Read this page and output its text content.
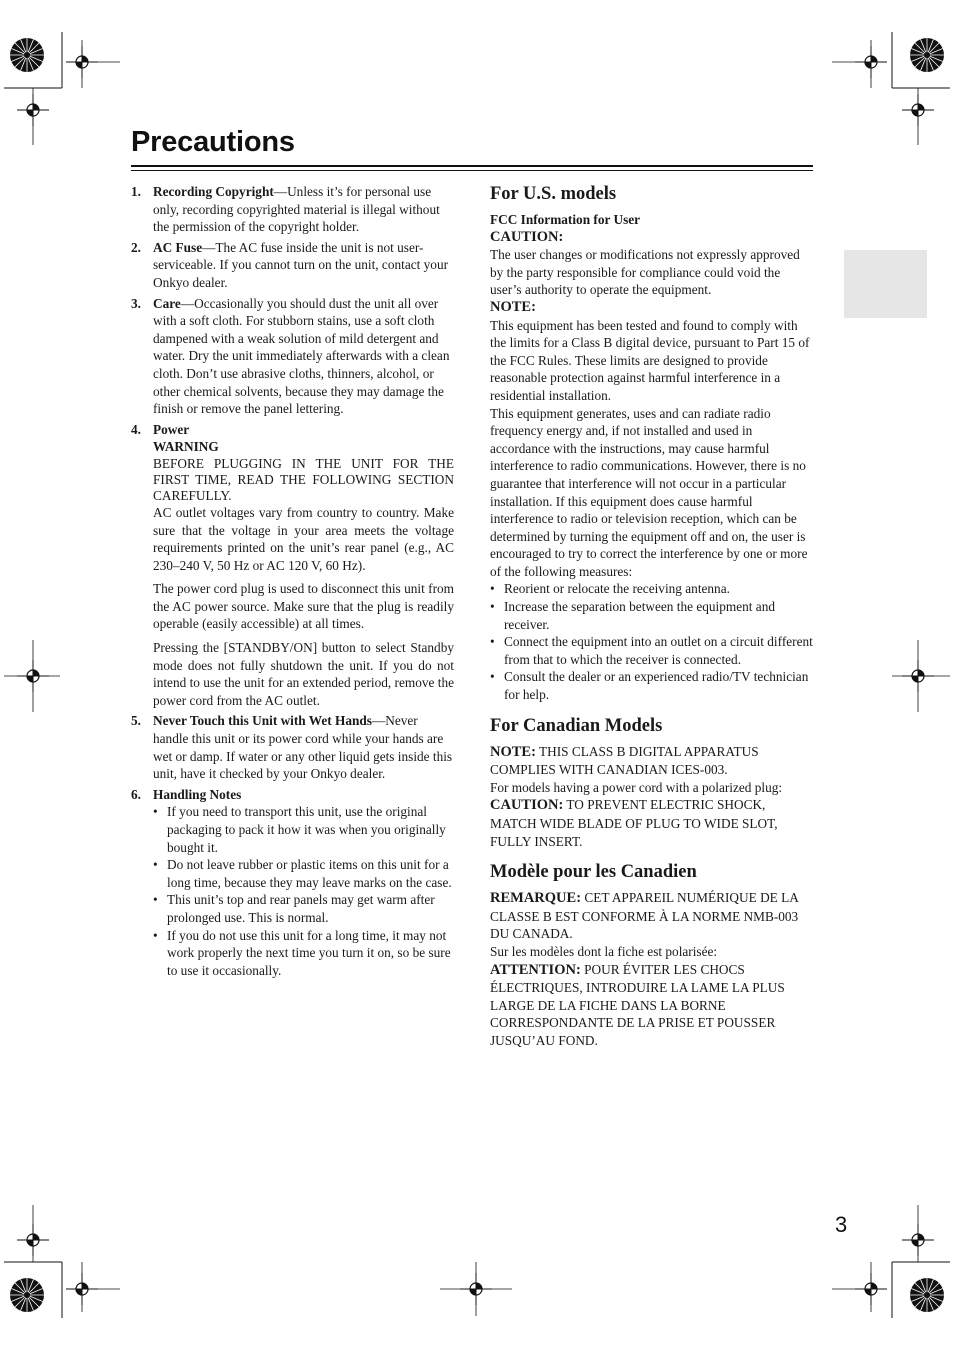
Precautions
3
1. Recording Copyright—Unless it’s for personal use only, recording copyrighted material is illegal without the permission of the copyright holder.
2. AC Fuse—The AC fuse inside the unit is not user-serviceable. If you cannot turn on the unit, contact your Onkyo dealer.
3. Care—Occasionally you should dust the unit all over with a soft cloth. For stubborn stains, use a soft cloth dampened with a weak solution of mild detergent and water. Dry the unit immediately afterwards with a clean cloth. Don’t use abrasive cloths, thinners, alcohol, or other chemical solvents, because they may damage the finish or remove the panel lettering.
4. Power
WARNING
BEFORE PLUGGING IN THE UNIT FOR THE FIRST TIME, READ THE FOLLOWING SECTION CAREFULLY.
AC outlet voltages vary from country to country. Make sure that the voltage in your area meets the voltage requirements printed on the unit’s rear panel (e.g., AC 230–240 V, 50 Hz or AC 120 V, 60 Hz).
The power cord plug is used to disconnect this unit from the AC power source. Make sure that the plug is readily operable (easily accessible) at all times.
Pressing the [STANDBY/ON] button to select Standby mode does not fully shutdown the unit. If you do not intend to use the unit for an extended period, remove the power cord from the AC outlet.
5. Never Touch this Unit with Wet Hands—Never handle this unit or its power cord while your hands are wet or damp. If water or any other liquid gets inside this unit, have it checked by your Onkyo dealer.
6. Handling Notes
• If you need to transport this unit, use the original packaging to pack it how it was when you originally bought it.
• Do not leave rubber or plastic items on this unit for a long time, because they may leave marks on the case.
• This unit’s top and rear panels may get warm after prolonged use. This is normal.
• If you do not use this unit for a long time, it may not work properly the next time you turn it on, so be sure to use it occasionally.
For U.S. models
FCC Information for User
CAUTION:
The user changes or modifications not expressly approved by the party responsible for compliance could void the user’s authority to operate the equipment.
NOTE:
This equipment has been tested and found to comply with the limits for a Class B digital device, pursuant to Part 15 of the FCC Rules. These limits are designed to provide reasonable protection against harmful interference in a residential installation.
This equipment generates, uses and can radiate radio frequency energy and, if not installed and used in accordance with the instructions, may cause harmful interference to radio communications. However, there is no guarantee that interference will not occur in a particular installation. If this equipment does cause harmful interference to radio or television reception, which can be determined by turning the equipment off and on, the user is encouraged to try to correct the interference by one or more of the following measures:
• Reorient or relocate the receiving antenna.
• Increase the separation between the equipment and receiver.
• Connect the equipment into an outlet on a circuit different from that to which the receiver is connected.
• Consult the dealer or an experienced radio/TV technician for help.
For Canadian Models
NOTE: THIS CLASS B DIGITAL APPARATUS COMPLIES WITH CANADIAN ICES-003.
For models having a power cord with a polarized plug:
CAUTION: TO PREVENT ELECTRIC SHOCK, MATCH WIDE BLADE OF PLUG TO WIDE SLOT, FULLY INSERT.
Modèle pour les Canadien
REMARQUE: CET APPAREIL NUMÉRIQUE DE LA CLASSE B EST CONFORME À LA NORME NMB-003 DU CANADA.
Sur les modèles dont la fiche est polarisée:
ATTENTION: POUR ÉVITER LES CHOCS ÉLECTRIQUES, INTRODUIRE LA LAME LA PLUS LARGE DE LA FICHE DANS LA BORNE CORRESPONDANTE DE LA PRISE ET POUSSER JUSQU’AU FOND.
